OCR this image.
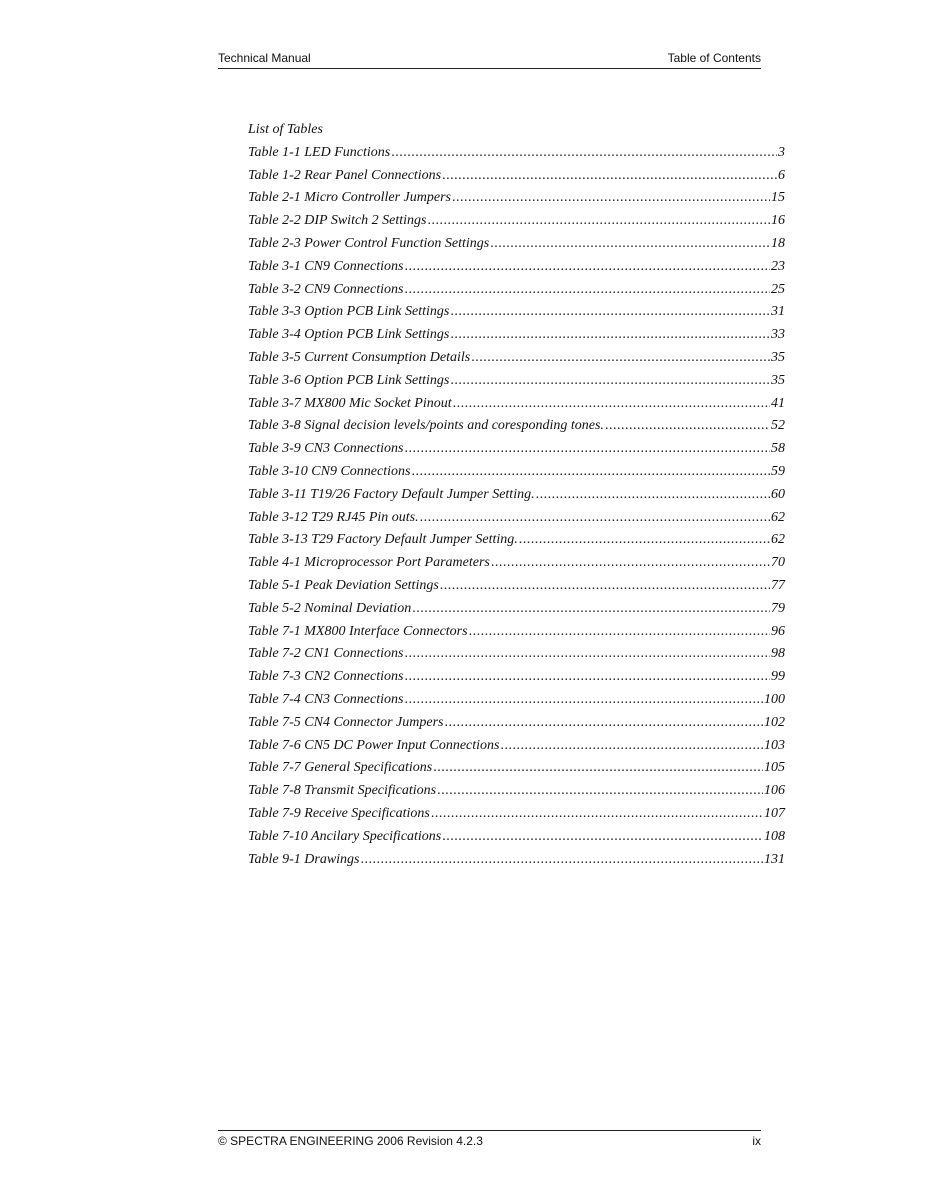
Technical Manual	Table of Contents
List of Tables
Table 1-1 LED Functions .....	3
Table 1-2 Rear Panel Connections .....	6
Table 2-1 Micro Controller Jumpers .....	15
Table 2-2 DIP Switch 2 Settings .....	16
Table 2-3 Power Control Function Settings .....	18
Table 3-1 CN9 Connections .....	23
Table 3-2 CN9 Connections .....	25
Table 3-3 Option PCB Link Settings .....	31
Table 3-4 Option PCB Link Settings .....	33
Table 3-5 Current Consumption Details .....	35
Table 3-6 Option PCB Link Settings .....	35
Table 3-7 MX800 Mic Socket Pinout .....	41
Table 3-8 Signal decision levels/points and coresponding tones. .....	52
Table 3-9 CN3 Connections .....	58
Table 3-10 CN9 Connections .....	59
Table 3-11 T19/26 Factory Default Jumper Setting. .....	60
Table 3-12 T29 RJ45 Pin outs. .....	62
Table 3-13 T29 Factory Default Jumper Setting. .....	62
Table 4-1 Microprocessor Port Parameters .....	70
Table 5-1 Peak Deviation Settings .....	77
Table 5-2 Nominal Deviation .....	79
Table 7-1 MX800 Interface Connectors .....	96
Table 7-2 CN1 Connections .....	98
Table 7-3 CN2 Connections .....	99
Table 7-4 CN3 Connections .....	100
Table 7-5 CN4 Connector Jumpers .....	102
Table 7-6 CN5 DC Power Input Connections .....	103
Table 7-7 General Specifications .....	105
Table 7-8 Transmit Specifications .....	106
Table 7-9 Receive Specifications .....	107
Table 7-10 Ancilary Specifications .....	108
Table 9-1 Drawings .....	131
© SPECTRA ENGINEERING 2006 Revision 4.2.3	ix
